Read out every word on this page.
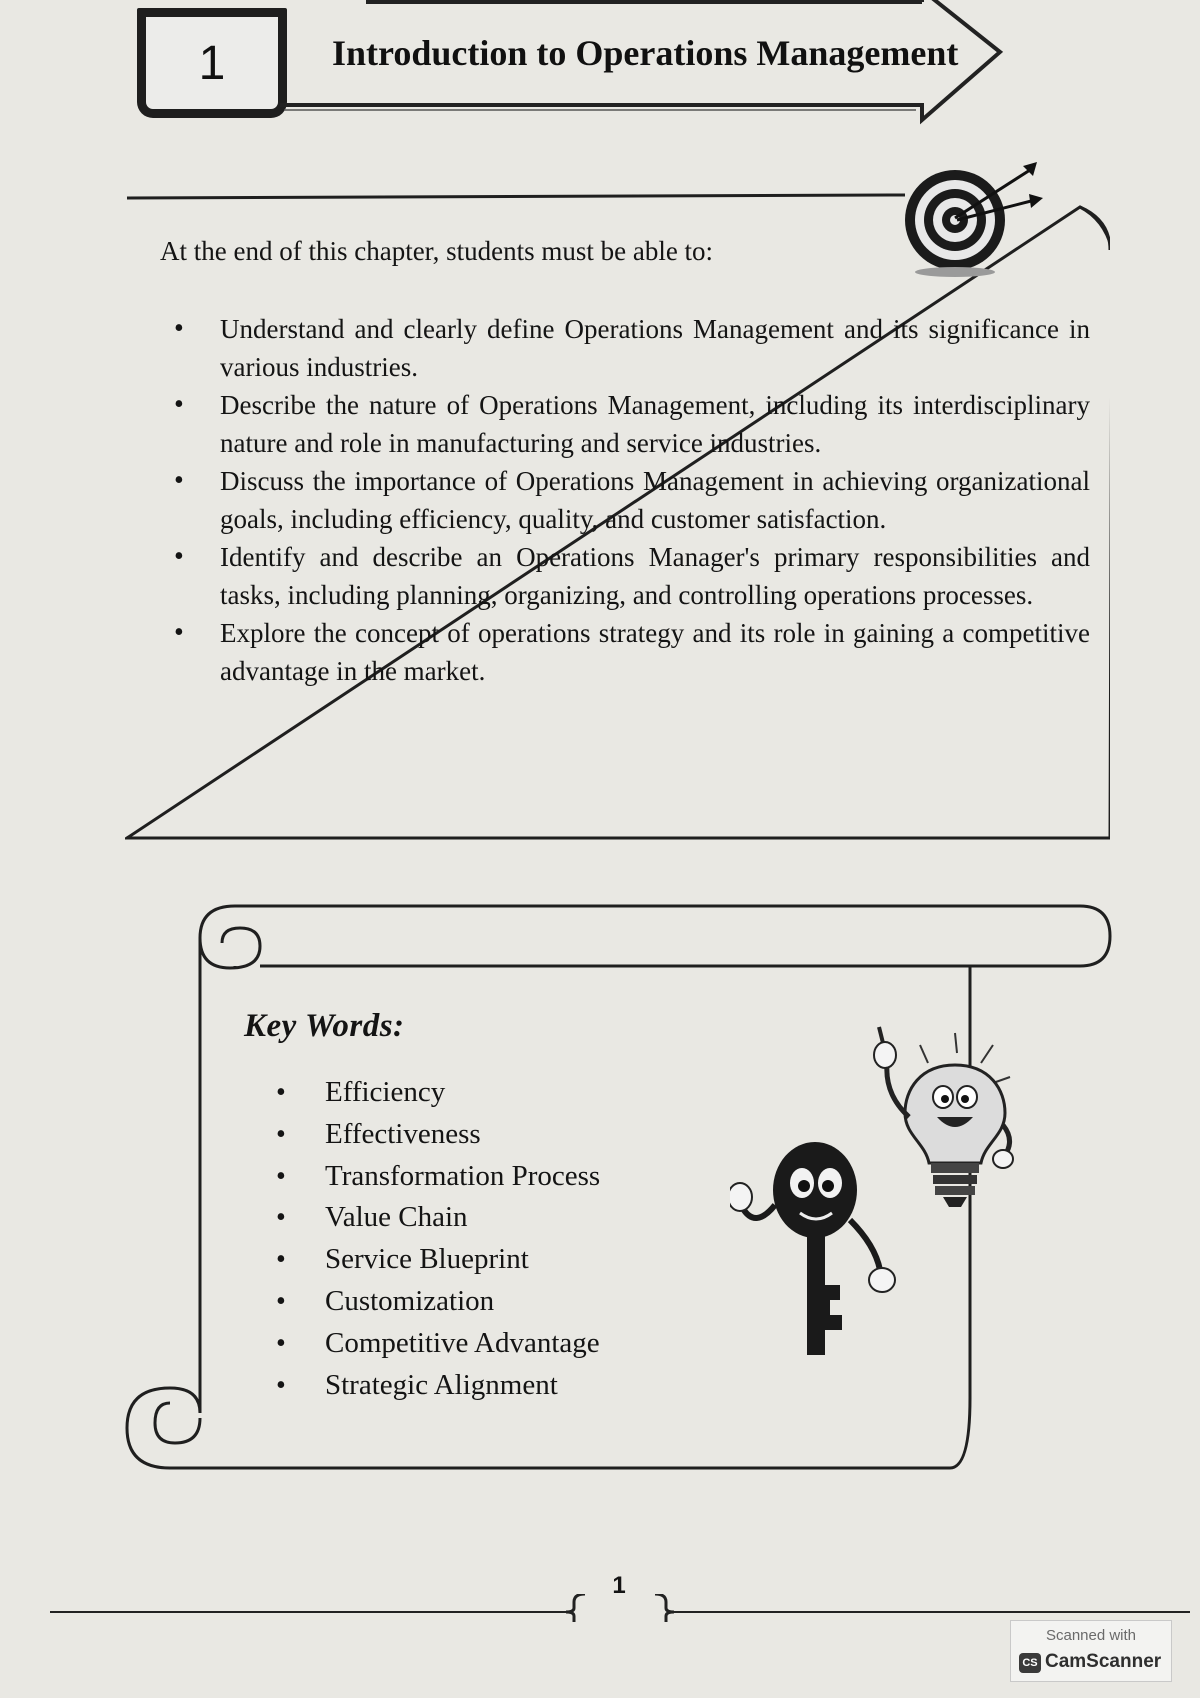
1	Introduction to Operations Management
At the end of this chapter, students must be able to:
• Understand and clearly define Operations Management and its significance in various industries.
• Describe the nature of Operations Management, including its interdisciplinary nature and role in manufacturing and service industries.
• Discuss the importance of Operations Management in achieving organizational goals, including efficiency, quality, and customer satisfaction.
• Identify and describe an Operations Manager's primary responsibilities and tasks, including planning, organizing, and controlling operations processes.
• Explore the concept of operations strategy and its role in gaining a competitive advantage in the market.
Key Words:
• Efficiency
• Effectiveness
• Transformation Process
• Value Chain
• Service Blueprint
• Customization
• Competitive Advantage
• Strategic Alignment
1
Scanned with
CS CamScanner
